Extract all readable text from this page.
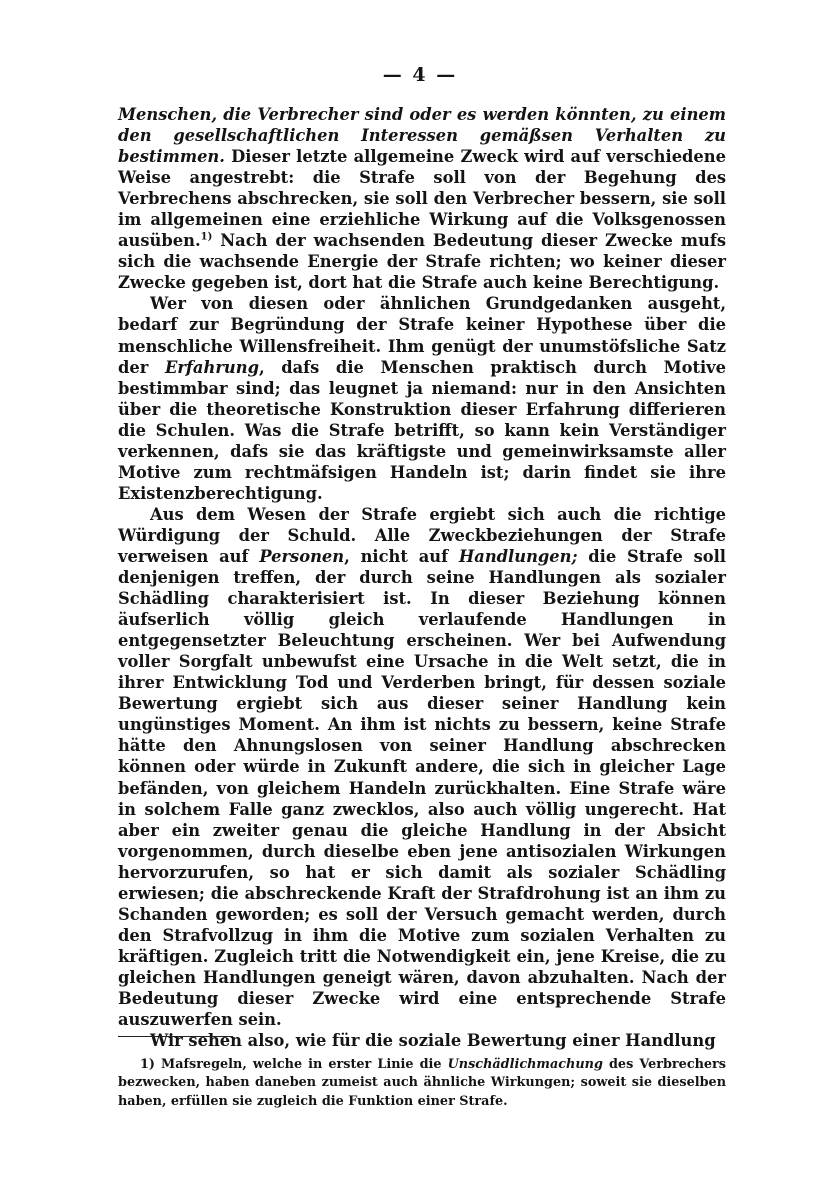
— 4 —

Menschen, die Verbrecher sind oder es werden könnten, zu einem den gesellschaftlichen Interessen gemäßsen Verhalten zu bestimmen. Dieser letzte allgemeine Zweck wird auf verschiedene Weise angestrebt: die Strafe soll von der Begehung des Verbrechens abschrecken, sie soll den Verbrecher bessern, sie soll im allgemeinen eine erziehliche Wirkung auf die Volksgenossen ausüben.$^{1)}$ Nach der wachsenden Bedeutung dieser Zwecke mufs sich die wachsende Energie der Strafe richten; wo keiner dieser Zwecke gegeben ist, dort hat die Strafe auch keine Berechtigung.

Wer von diesen oder ähnlichen Grundgedanken ausgeht, bedarf zur Begründung der Strafe keiner Hypothese über die menschliche Willensfreiheit. Ihm genügt der unumstöfsliche Satz der Erfahrung, dafs die Menschen praktisch durch Motive bestimmbar sind; das leugnet ja niemand: nur in den Ansichten über die theoretische Konstruktion dieser Erfahrung differieren die Schulen. Was die Strafe betrifft, so kann kein Verständiger verkennen, dafs sie das kräftigste und gemeinwirksamste aller Motive zum rechtmäfsigen Handeln ist; darin findet sie ihre Existenzberechtigung.

Aus dem Wesen der Strafe ergiebt sich auch die richtige Würdigung der Schuld. Alle Zweckbeziehungen der Strafe verweisen auf Personen, nicht auf Handlungen; die Strafe soll denjenigen treffen, der durch seine Handlungen als sozialer Schädling charakterisiert ist. In dieser Beziehung können äufserlich völlig gleich verlaufende Handlungen in entgegensetzter Beleuchtung erscheinen. Wer bei Aufwendung voller Sorgfalt unbewufst eine Ursache in die Welt setzt, die in ihrer Entwicklung Tod und Verderben bringt, für dessen soziale Bewertung ergiebt sich aus dieser seiner Handlung kein ungünstiges Moment. An ihm ist nichts zu bessern, keine Strafe hätte den Ahnungslosen von seiner Handlung abschrecken können oder würde in Zukunft andere, die sich in gleicher Lage befänden, von gleichem Handeln zurückhalten. Eine Strafe wäre in solchem Falle ganz zwecklos, also auch völlig ungerecht. Hat aber ein zweiter genau die gleiche Handlung in der Absicht vorgenommen, durch dieselbe eben jene antisozialen Wirkungen hervorzurufen, so hat er sich damit als sozialer Schädling erwiesen; die abschreckende Kraft der Strafdrohung ist an ihm zu Schanden geworden; es soll der Versuch gemacht werden, durch den Strafvollzug in ihm die Motive zum sozialen Verhalten zu kräftigen. Zugleich tritt die Notwendigkeit ein, jene Kreise, die zu gleichen Handlungen geneigt wären, davon abzuhalten. Nach der Bedeutung dieser Zwecke wird eine entsprechende Strafe auszuwerfen sein.

Wir sehen also, wie für die soziale Bewertung einer Handlung

1) Mafsregeln, welche in erster Linie die Unschädlichmachung des Verbrechers bezwecken, haben daneben zumeist auch ähnliche Wirkungen; soweit sie dieselben haben, erfüllen sie zugleich die Funktion einer Strafe.
